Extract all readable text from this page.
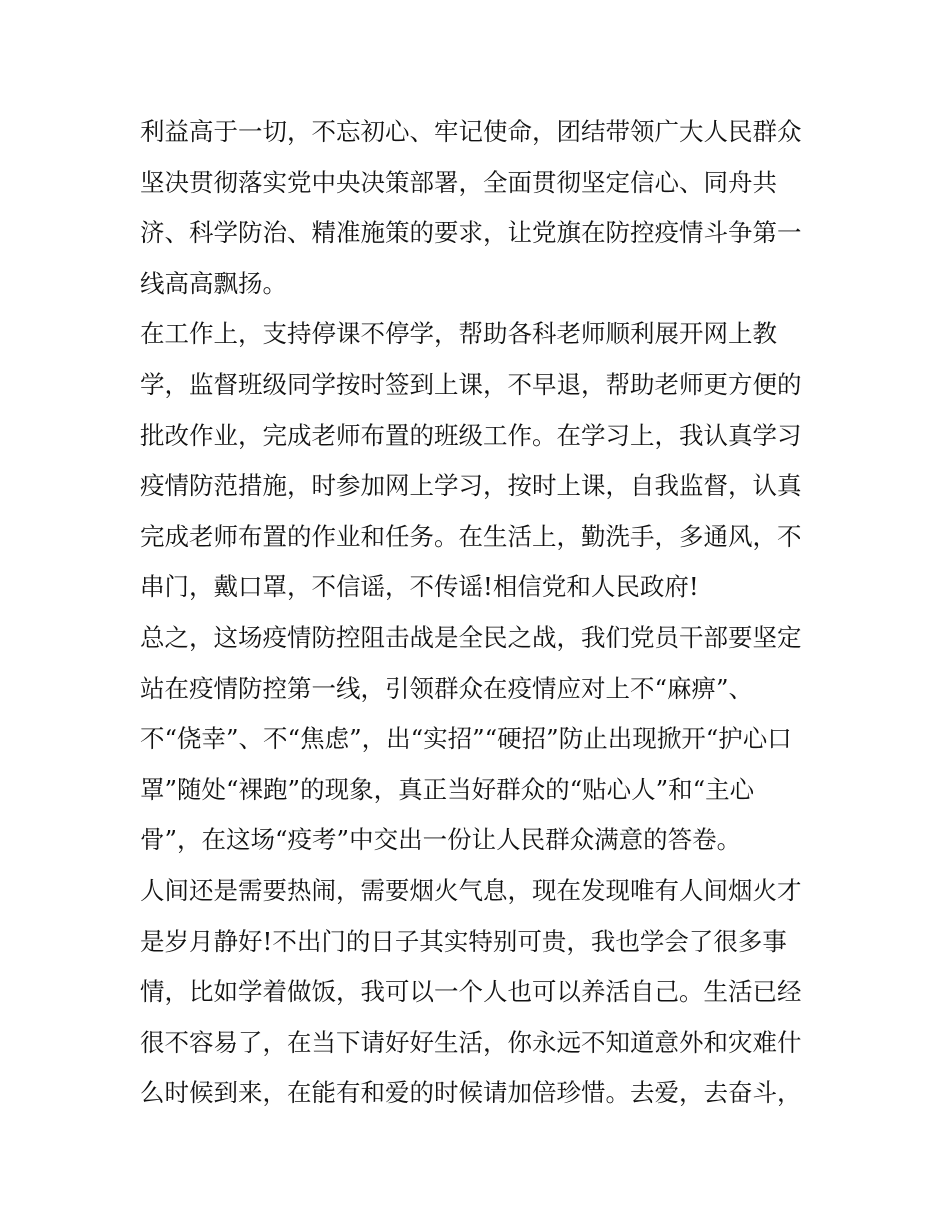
利益高于一切，不忘初心、牢记使命，团结带领广大人民群众
坚决贯彻落实党中央决策部署，全面贯彻坚定信心、同舟共
济、科学防治、精准施策的要求，让党旗在防控疫情斗争第一
线高高飘扬。
在工作上，支持停课不停学，帮助各科老师顺利展开网上教
学，监督班级同学按时签到上课，不早退，帮助老师更方便的
批改作业，完成老师布置的班级工作。在学习上，我认真学习
疫情防范措施，时参加网上学习，按时上课，自我监督，认真
完成老师布置的作业和任务。在生活上，勤洗手，多通风，不
串门，戴口罩，不信谣，不传谣!相信党和人民政府!
总之，这场疫情防控阻击战是全民之战，我们党员干部要坚定
站在疫情防控第一线，引领群众在疫情应对上不“麻痹”、
不“侥幸”、不“焦虑”，出“实招”“硬招”防止出现掀开“护心口
罩”随处“裸跑”的现象，真正当好群众的“贴心人”和“主心
骨”，在这场“疫考”中交出一份让人民群众满意的答卷。
人间还是需要热闹，需要烟火气息，现在发现唯有人间烟火才
是岁月静好!不出门的日子其实特别可贵，我也学会了很多事
情，比如学着做饭，我可以一个人也可以养活自己。生活已经
很不容易了，在当下请好好生活，你永远不知道意外和灾难什
么时候到来，在能有和爱的时候请加倍珍惜。去爱，去奋斗，
